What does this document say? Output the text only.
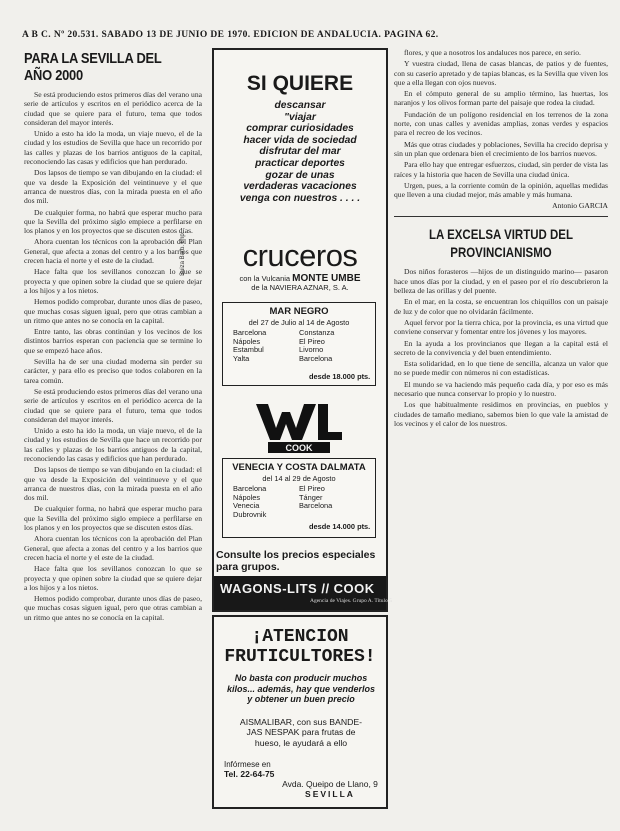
A B C. Nº 20.531. SABADO 13 DE JUNIO DE 1970. EDICION DE ANDALUCIA. PAGINA 62.
PARA LA SEVILLA DEL AÑO 2000

Se está produciendo estos primeros días del verano una serie de artículos y escritos en el periódico acerca de la ciudad que se quiere para el futuro, tema que todos consideran del mayor interés.

Unido a esto ha ido la moda, un viaje nuevo, el de la ciudad y los estudios de Sevilla que hace un recorrido por las calles y plazas de los barrios antiguos de la capital, reconociendo las casas y edificios que han perdurado.

Dos lapsos de tiempo se van dibujando en la ciudad: el que va desde la Exposición del veintinueve y el que arranca de nuestros días, con la mirada puesta en el año dos mil.

De cualquier forma, no habrá que esperar mucho para que la Sevilla del próximo siglo empiece a perfilarse en los planos y en los proyectos que se discuten estos días.

Ahora cuentan los técnicos con la aprobación del Plan General, que afecta a zonas del centro y a los barrios que crecen hacia el norte y el este de la ciudad.

Hace falta que los sevillanos conozcan lo que se proyecta y que opinen sobre la ciudad que se quiere dejar a los hijos y a los nietos.

Hemos podido comprobar, durante unos días de paseo, que muchas cosas siguen igual, pero que otras cambian a un ritmo que antes no se conocía en la capital.

Entre tanto, las obras continúan y los vecinos de los distintos barrios esperan con paciencia que se termine lo que se empezó hace años.

Sevilla ha de ser una ciudad moderna sin perder su carácter, y para ello es preciso que todos colaboren en la tarea común.

Se está produciendo estos primeros días del verano una serie de artículos y escritos en el periódico acerca de la ciudad que se quiere para el futuro, tema que todos consideran del mayor interés.

Unido a esto ha ido la moda, un viaje nuevo, el de la ciudad y los estudios de Sevilla que hace un recorrido por las calles y plazas de los barrios antiguos de la capital, reconociendo las casas y edificios que han perdurado.

Dos lapsos de tiempo se van dibujando en la ciudad: el que va desde la Exposición del veintinueve y el que arranca de nuestros días, con la mirada puesta en el año dos mil.

De cualquier forma, no habrá que esperar mucho para que la Sevilla del próximo siglo empiece a perfilarse en los planos y en los proyectos que se discuten estos días.

Ahora cuentan los técnicos con la aprobación del Plan General, que afecta a zonas del centro y a los barrios que crecen hacia el norte y el este de la ciudad.

Hace falta que los sevillanos conozcan lo que se proyecta y que opinen sobre la ciudad que se quiere dejar a los hijos y a los nietos.

Hemos podido comprobar, durante unos días de paseo, que muchas cosas siguen igual, pero que otras cambian a un ritmo que antes no se conocía en la capital.

SI QUIERE
descansar
"viajar
comprar curiosidades
hacer vida de sociedad
disfrutar del mar
practicar deportes
gozar de unas
verdaderas vacaciones
venga con nuestros . . . .
cruceros
con la Vulcania MONTE UMBE
de la NAVIERA AZNAR, S. A.
MAR NEGRO
del 27 de Julio al 14 de Agosto
Barcelona
Nápoles
Estambul
Yalta
Constanza
El Pireo
Livorno
Barcelona
desde 18.000 pts.
COOK
VENECIA Y COSTA DALMATA
del 14 al 29 de Agosto
Barcelona
Nápoles
Venecia
Dubrovnik
El Pireo
Tánger
Barcelona
desde 14.000 pts.
Consulte los precios especiales para grupos.
WAGONS-LITS // COOK
Agencia de Viajes. Grupo A. Título 5
Suiza Barb. Imp.
¡ATENCION
FRUTICULTORES!
No basta con producir muchos kilos... además, hay que venderlos y obtener un buen precio
AISMALIBAR, con sus BANDE-
JAS NESPAK para frutas de
hueso, le ayudará a ello
Infórmese en
Tel. 22-64-75
Avda. Queipo de Llano, 9
SEVILLA

flores, y que a nosotros los andaluces nos parece, en serio.

Y vuestra ciudad, llena de casas blancas, de patios y de fuentes, con su caserío apretado y de tapias blancas, es la Sevilla que viven los que a ella llegan con ojos nuevos.

En el cómputo general de su amplio término, las huertas, los naranjos y los olivos forman parte del paisaje que rodea la ciudad.

Fundación de un polígono residencial en los terrenos de la zona norte, con unas calles y avenidas amplias, zonas verdes y espacios para el recreo de los vecinos.

Más que otras ciudades y poblaciones, Sevilla ha crecido deprisa y sin un plan que ordenara bien el crecimiento de los barrios nuevos.

Para ello hay que entregar esfuerzos, ciudad, sin perder de vista las raíces y la historia que hacen de Sevilla una ciudad única.

Urgen, pues, a la corriente común de la opinión, aquellas medidas que lleven a una ciudad mejor, más amable y más humana.

Antonio GARCIA
LA EXCELSA VIRTUD DEL PROVINCIANISMO

Dos niños forasteros —hijos de un distinguido marino— pasaron hace unos días por la ciudad, y en el paseo por el río descubrieron la belleza de las orillas y del puente.

En el mar, en la costa, se encuentran los chiquillos con un paisaje de luz y de color que no olvidarán fácilmente.

Aquel fervor por la tierra chica, por la provincia, es una virtud que conviene conservar y fomentar entre los jóvenes y los mayores.

En la ayuda a los provincianos que llegan a la capital está el secreto de la convivencia y del buen entendimiento.

Esta solidaridad, en lo que tiene de sencilla, alcanza un valor que no se puede medir con números ni con estadísticas.

El mundo se va haciendo más pequeño cada día, y por eso es más necesario que nunca conservar lo propio y lo nuestro.

Los que habitualmente residimos en provincias, en pueblos y ciudades de tamaño mediano, sabemos bien lo que vale la amistad de los vecinos y el calor de los nuestros.
